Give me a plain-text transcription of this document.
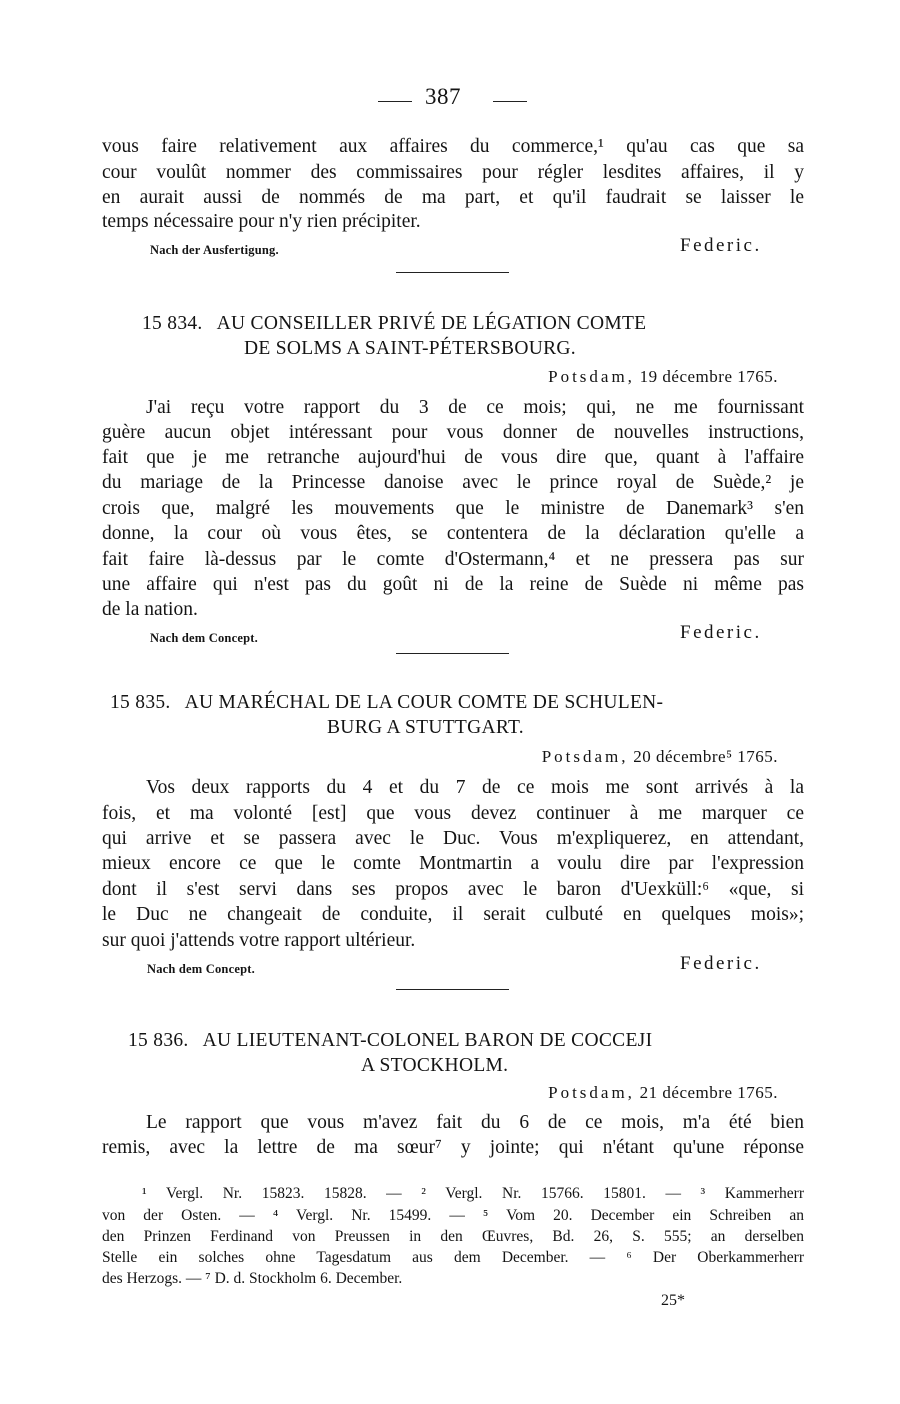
387
vous faire relativement aux affaires du commerce,¹ qu'au cas que sa
cour voulût nommer des commissaires pour régler lesdites affaires, il y
en aurait aussi de nommés de ma part, et qu'il faudrait se laisser le
temps nécessaire pour n'y rien précipiter.
Nach der Ausfertigung.	Federic.
15 834. AU CONSEILLER PRIVÉ DE LÉGATION COMTE
DE SOLMS A SAINT-PÉTERSBOURG.
Potsdam, 19 décembre 1765.
J'ai reçu votre rapport du 3 de ce mois; qui, ne me fournissant
guère aucun objet intéressant pour vous donner de nouvelles instructions,
fait que je me retranche aujourd'hui de vous dire que, quant à l'affaire
du mariage de la Princesse danoise avec le prince royal de Suède,² je
crois que, malgré les mouvements que le ministre de Danemark³ s'en
donne, la cour où vous êtes, se contentera de la déclaration qu'elle a
fait faire là-dessus par le comte d'Ostermann,⁴ et ne pressera pas sur
une affaire qui n'est pas du goût ni de la reine de Suède ni même pas
de la nation.
Nach dem Concept.	Federic.
15 835. AU MARÉCHAL DE LA COUR COMTE DE SCHULEN-
BURG A STUTTGART.
Potsdam, 20 décembre⁵ 1765.
Vos deux rapports du 4 et du 7 de ce mois me sont arrivés à la
fois, et ma volonté [est] que vous devez continuer à me marquer ce
qui arrive et se passera avec le Duc. Vous m'expliquerez, en attendant,
mieux encore ce que le comte Montmartin a voulu dire par l'expression
dont il s'est servi dans ses propos avec le baron d'Uexküll:⁶ «que, si
le Duc ne changeait de conduite, il serait culbuté en quelques mois»;
sur quoi j'attends votre rapport ultérieur.
Nach dem Concept.	Federic.
15 836. AU LIEUTENANT-COLONEL BARON DE COCCEJI
A STOCKHOLM.
Potsdam, 21 décembre 1765.
Le rapport que vous m'avez fait du 6 de ce mois, m'a été bien
remis, avec la lettre de ma sœur⁷ y jointe; qui n'étant qu'une réponse
¹ Vergl. Nr. 15823. 15828. — ² Vergl. Nr. 15766. 15801. — ³ Kammerherr
von der Osten. — ⁴ Vergl. Nr. 15499. — ⁵ Vom 20. December ein Schreiben an
den Prinzen Ferdinand von Preussen in den Œuvres, Bd. 26, S. 555; an derselben
Stelle ein solches ohne Tagesdatum aus dem December. — ⁶ Der Oberkammerherr
des Herzogs. — ⁷ D. d. Stockholm 6. December.
25*
